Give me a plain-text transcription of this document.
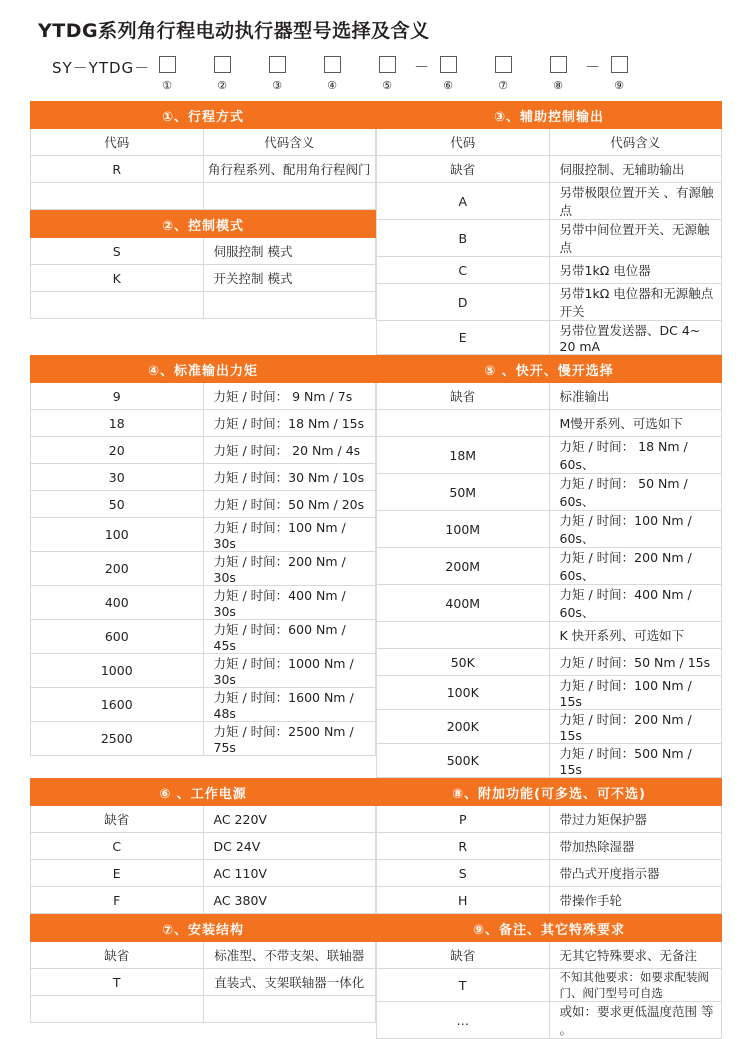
YTDG系列角行程电动执行器型号选择及含义
SY－YTDG－	－	－
①	②	③	④	⑤	⑥	⑦	⑧	⑨
①、行程方式	
代码	代码含义
R	角行程系列、配用角行程阀门

②、控制模式	
S	伺服控制 模式
K	开关控制 模式

③、辅助控制输出	
代码	代码含义
缺省	伺服控制、无辅助输出
A	另带极限位置开关 、有源触点
B	另带中间位置开关、无源触点
C	另带1kΩ 电位器
D	另带1kΩ 电位器和无源触点开关
E	另带位置发送器、DC 4~ 20 mA
④、标准输出力矩	
9	力矩 / 时间： 9 Nm / 7s
18	力矩 / 时间：18 Nm / 15s
20	力矩 / 时间： 20 Nm / 4s
30	力矩 / 时间：30 Nm / 10s
50	力矩 / 时间：50 Nm / 20s
100	力矩 / 时间：100 Nm / 30s
200	力矩 / 时间：200 Nm / 30s
400	力矩 / 时间：400 Nm / 30s
600	力矩 / 时间：600 Nm / 45s
1000	力矩 / 时间：1000 Nm / 30s
1600	力矩 / 时间：1600 Nm / 48s
2500	力矩 / 时间：2500 Nm / 75s
⑤ 、快开、慢开选择	
缺省	标准输出
	M慢开系列、可选如下
18M	力矩 / 时间： 18 Nm / 60s、
50M	力矩 / 时间： 50 Nm / 60s、
100M	力矩 / 时间：100 Nm / 60s、
200M	力矩 / 时间：200 Nm / 60s、
400M	力矩 / 时间：400 Nm / 60s、
	K 快开系列、可选如下
50K	力矩 / 时间：50 Nm / 15s
100K	力矩 / 时间：100 Nm / 15s
200K	力矩 / 时间：200 Nm / 15s
500K	力矩 / 时间：500 Nm / 15s
⑥ 、工作电源	
缺省	AC 220V
C	DC 24V
E	AC 110V
F	AC 380V
⑧、附加功能(可多选、可不选)	
P	带过力矩保护器
R	带加热除湿器
S	带凸式开度指示器
H	带操作手轮
⑦、安装结构	
缺省	标准型、不带支架、联轴器
T	直装式、支架联轴器一体化

⑨、备注、其它特殊要求	
缺省	无其它特殊要求、无备注
T	不知其他要求：如要求配装阀门、阀门型号可自选
…	或如：要求更低温度范围 等 。
